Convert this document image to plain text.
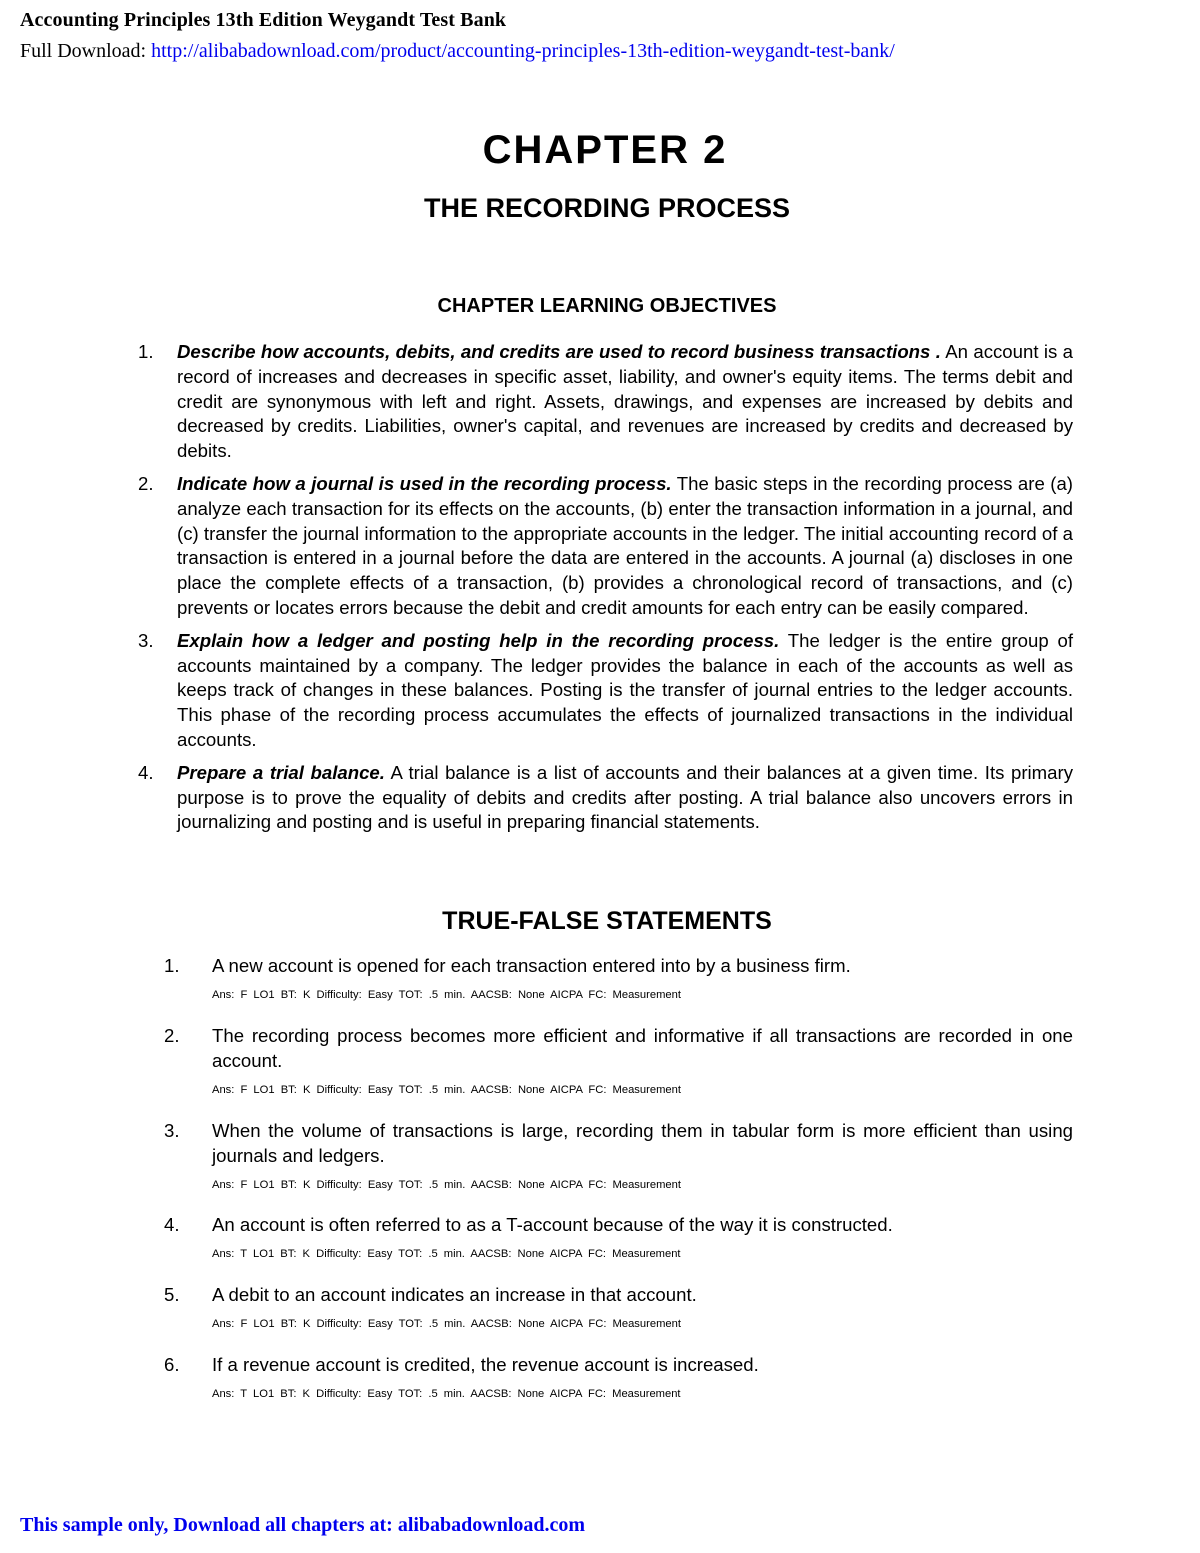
Accounting Principles 13th Edition Weygandt Test Bank
Full Download: http://alibabadownload.com/product/accounting-principles-13th-edition-weygandt-test-bank/
CHAPTER 2
THE RECORDING PROCESS
CHAPTER LEARNING OBJECTIVES
1. Describe how accounts, debits, and credits are used to record business transactions . An account is a record of increases and decreases in specific asset, liability, and owner's equity items. The terms debit and credit are synonymous with left and right. Assets, drawings, and expenses are increased by debits and decreased by credits. Liabilities, owner's capital, and revenues are increased by credits and decreased by debits.
2. Indicate how a journal is used in the recording process. The basic steps in the recording process are (a) analyze each transaction for its effects on the accounts, (b) enter the transaction information in a journal, and (c) transfer the journal information to the appropriate accounts in the ledger. The initial accounting record of a transaction is entered in a journal before the data are entered in the accounts. A journal (a) discloses in one place the complete effects of a transaction, (b) provides a chronological record of transactions, and (c) prevents or locates errors because the debit and credit amounts for each entry can be easily compared.
3. Explain how a ledger and posting help in the recording process. The ledger is the entire group of accounts maintained by a company. The ledger provides the balance in each of the accounts as well as keeps track of changes in these balances. Posting is the transfer of journal entries to the ledger accounts. This phase of the recording process accumulates the effects of journalized transactions in the individual accounts.
4. Prepare a trial balance. A trial balance is a list of accounts and their balances at a given time. Its primary purpose is to prove the equality of debits and credits after posting. A trial balance also uncovers errors in journalizing and posting and is useful in preparing financial statements.
TRUE-FALSE STATEMENTS
1. A new account is opened for each transaction entered into by a business firm.
Ans: F LO1 BT: K Difficulty: Easy TOT: .5 min. AACSB: None AICPA FC: Measurement
2. The recording process becomes more efficient and informative if all transactions are recorded in one account.
Ans: F LO1 BT: K Difficulty: Easy TOT: .5 min. AACSB: None AICPA FC: Measurement
3. When the volume of transactions is large, recording them in tabular form is more efficient than using journals and ledgers.
Ans: F LO1 BT: K Difficulty: Easy TOT: .5 min. AACSB: None AICPA FC: Measurement
4. An account is often referred to as a T-account because of the way it is constructed.
Ans: T LO1 BT: K Difficulty: Easy TOT: .5 min. AACSB: None AICPA FC: Measurement
5. A debit to an account indicates an increase in that account.
Ans: F LO1 BT: K Difficulty: Easy TOT: .5 min. AACSB: None AICPA FC: Measurement
6. If a revenue account is credited, the revenue account is increased.
Ans: T LO1 BT: K Difficulty: Easy TOT: .5 min. AACSB: None AICPA FC: Measurement
This sample only, Download all chapters at: alibabadownload.com
